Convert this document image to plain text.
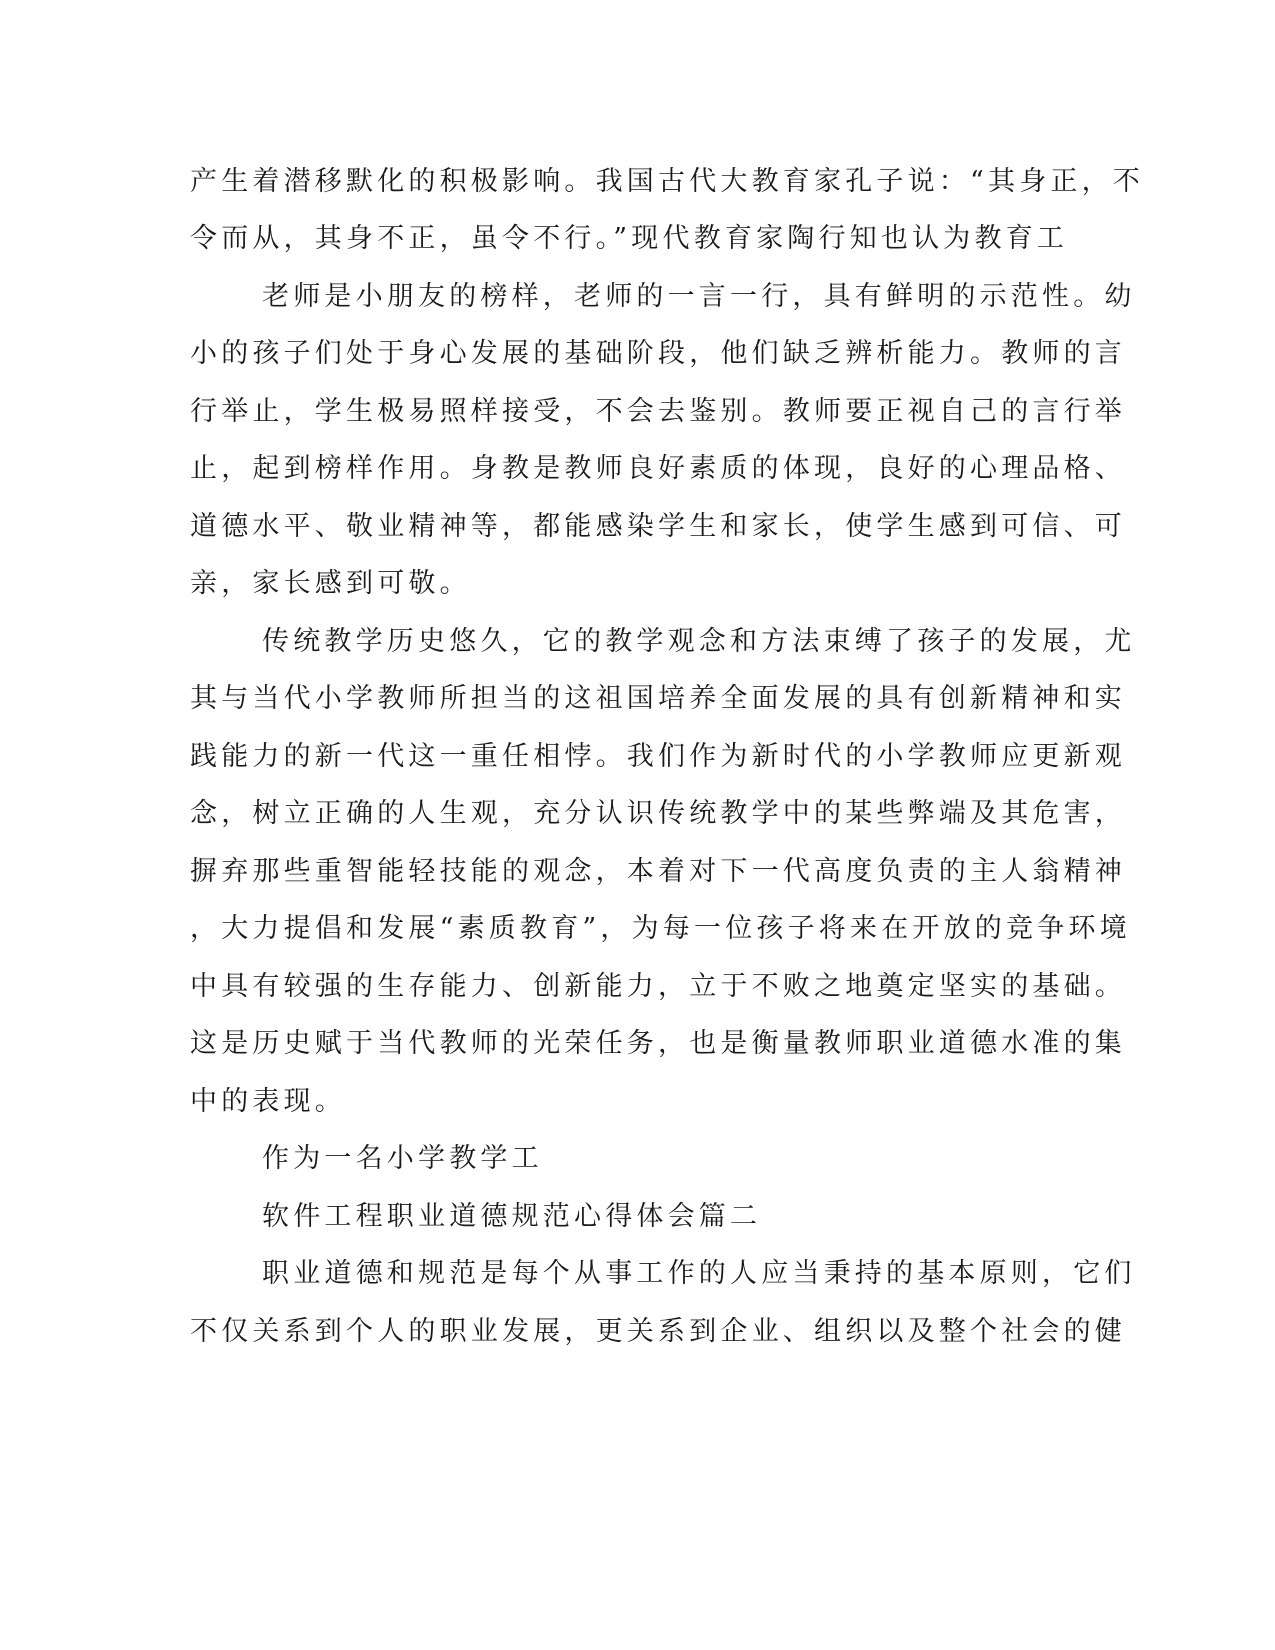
产生着潜移默化的积极影响。我国古代大教育家孔子说：“其身正，不
令而从，其身不正，虽令不行。”现代教育家陶行知也认为教育工
老师是小朋友的榜样，老师的一言一行，具有鲜明的示范性。幼
小的孩子们处于身心发展的基础阶段，他们缺乏辨析能力。教师的言
行举止，学生极易照样接受，不会去鉴别。教师要正视自己的言行举
止，起到榜样作用。身教是教师良好素质的体现，良好的心理品格、
道德水平、敬业精神等，都能感染学生和家长，使学生感到可信、可
亲，家长感到可敬。
传统教学历史悠久，它的教学观念和方法束缚了孩子的发展，尤
其与当代小学教师所担当的这祖国培养全面发展的具有创新精神和实
践能力的新一代这一重任相悖。我们作为新时代的小学教师应更新观
念，树立正确的人生观，充分认识传统教学中的某些弊端及其危害，
摒弃那些重智能轻技能的观念，本着对下一代高度负责的主人翁精神
，大力提倡和发展“素质教育”，为每一位孩子将来在开放的竞争环境
中具有较强的生存能力、创新能力，立于不败之地奠定坚实的基础。
这是历史赋于当代教师的光荣任务，也是衡量教师职业道德水准的集
中的表现。
作为一名小学教学工
软件工程职业道德规范心得体会篇二
职业道德和规范是每个从事工作的人应当秉持的基本原则，它们
不仅关系到个人的职业发展，更关系到企业、组织以及整个社会的健
